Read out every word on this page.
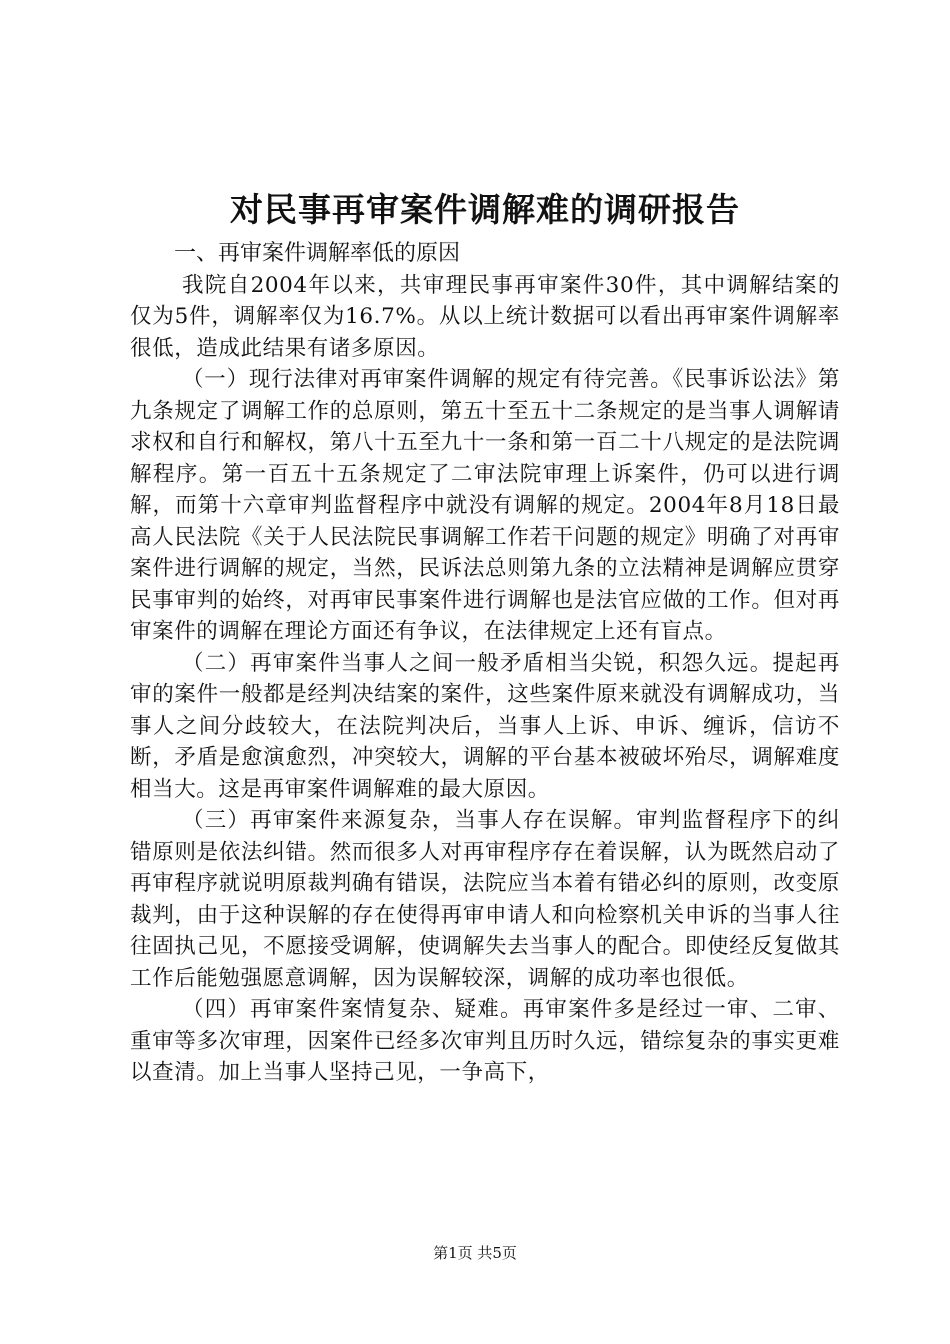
对民事再审案件调解难的调研报告

一、再审案件调解率低的原因

我院自2004年以来，共审理民事再审案件30件，其中调解结案的仅为5件，调解率仅为16.7%。从以上统计数据可以看出再审案件调解率很低，造成此结果有诸多原因。

（一）现行法律对再审案件调解的规定有待完善。《民事诉讼法》第九条规定了调解工作的总原则，第五十至五十二条规定的是当事人调解请求权和自行和解权，第八十五至九十一条和第一百二十八规定的是法院调解程序。第一百五十五条规定了二审法院审理上诉案件，仍可以进行调解，而第十六章审判监督程序中就没有调解的规定。2004年8月18日最高人民法院《关于人民法院民事调解工作若干问题的规定》明确了对再审案件进行调解的规定，当然，民诉法总则第九条的立法精神是调解应贯穿民事审判的始终，对再审民事案件进行调解也是法官应做的工作。但对再审案件的调解在理论方面还有争议，在法律规定上还有盲点。

（二）再审案件当事人之间一般矛盾相当尖锐，积怨久远。提起再审的案件一般都是经判决结案的案件，这些案件原来就没有调解成功，当事人之间分歧较大，在法院判决后，当事人上诉、申诉、缠诉，信访不断，矛盾是愈演愈烈，冲突较大，调解的平台基本被破坏殆尽，调解难度相当大。这是再审案件调解难的最大原因。

（三）再审案件来源复杂，当事人存在误解。审判监督程序下的纠错原则是依法纠错。然而很多人对再审程序存在着误解，认为既然启动了再审程序就说明原裁判确有错误，法院应当本着有错必纠的原则，改变原裁判，由于这种误解的存在使得再审申请人和向检察机关申诉的当事人往往固执己见，不愿接受调解，使调解失去当事人的配合。即使经反复做其工作后能勉强愿意调解，因为误解较深，调解的成功率也很低。

（四）再审案件案情复杂、疑难。再审案件多是经过一审、二审、重审等多次审理，因案件已经多次审判且历时久远，错综复杂的事实更难以查清。加上当事人坚持己见，一争高下，

第1页 共5页
